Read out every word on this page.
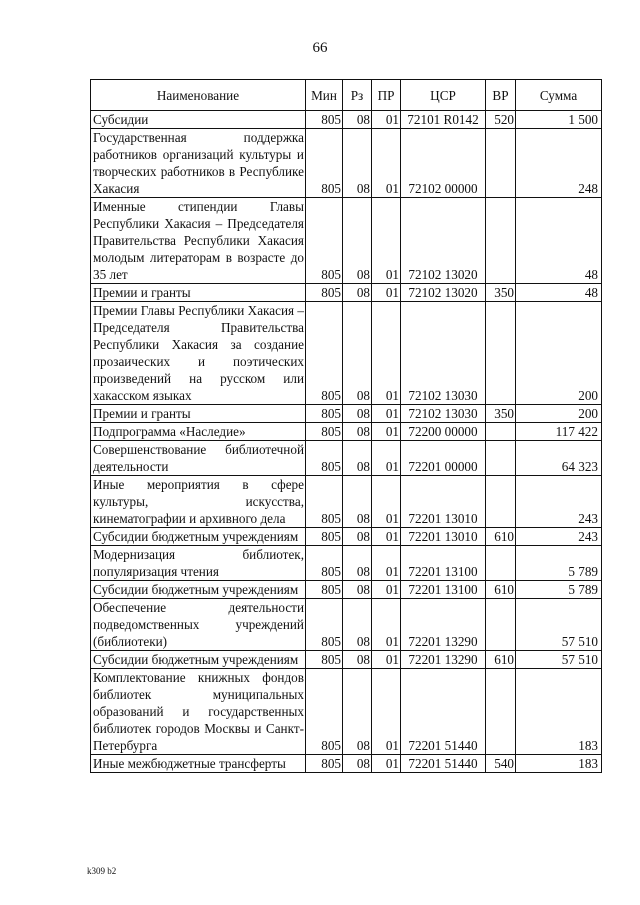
66
Наименование	Мин	Рз	ПР	ЦСР	ВР	Сумма
Субсидии	805	08	01	72101 R0142	520	1 500
Государственная поддержка работников организаций культуры и творческих работников в Республике Хакасия	805	08	01	72102 00000		248
Именные стипендии Главы Республики Хакасия – Председателя Правительства Республики Хакасия молодым литераторам в возрасте до 35 лет	805	08	01	72102 13020		48
Премии и гранты	805	08	01	72102 13020	350	48
Премии Главы Республики Хакасия – Председателя Правительства Республики Хакасия за создание прозаических и поэтических произведений на русском или хакасском языках	805	08	01	72102 13030		200
Премии и гранты	805	08	01	72102 13030	350	200
Подпрограмма «Наследие»	805	08	01	72200 00000		117 422
Совершенствование библиотечной деятельности	805	08	01	72201 00000		64 323
Иные мероприятия в сфере культуры, искусства, кинематографии и архивного дела	805	08	01	72201 13010		243
Субсидии бюджетным учреждениям	805	08	01	72201 13010	610	243
Модернизация библиотек, популяризация чтения	805	08	01	72201 13100		5 789
Субсидии бюджетным учреждениям	805	08	01	72201 13100	610	5 789
Обеспечение деятельности подведомственных учреждений (библиотеки)	805	08	01	72201 13290		57 510
Субсидии бюджетным учреждениям	805	08	01	72201 13290	610	57 510
Комплектование книжных фондов библиотек муниципальных образований и государственных библиотек городов Москвы и Санкт-Петербурга	805	08	01	72201 51440		183
Иные межбюджетные трансферты	805	08	01	72201 51440	540	183
k309 b2
